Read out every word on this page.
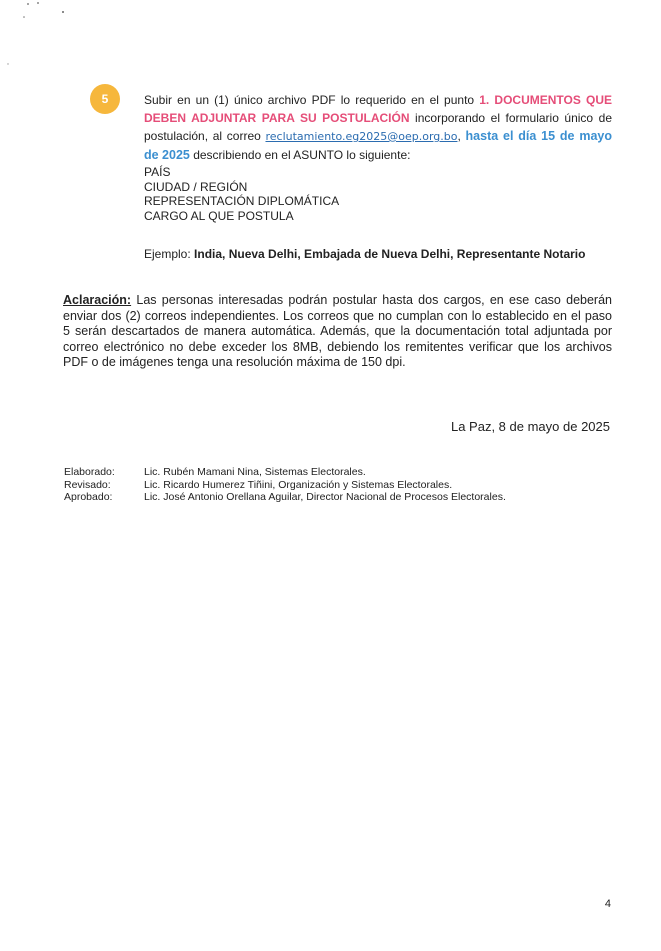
5	Subir en un (1) único archivo PDF lo requerido en el punto 1. DOCUMENTOS QUE DEBEN ADJUNTAR PARA SU POSTULACIÓN incorporando el formulario único de postulación, al correo reclutamiento.eg2025@oep.org.bo, hasta el día 15 de mayo de 2025 describiendo en el ASUNTO lo siguiente:
PAÍS
CIUDAD / REGIÓN
REPRESENTACIÓN DIPLOMÁTICA
CARGO AL QUE POSTULA
Ejemplo: India, Nueva Delhi, Embajada de Nueva Delhi, Representante Notario
Aclaración: Las personas interesadas podrán postular hasta dos cargos, en ese caso deberán enviar dos (2) correos independientes. Los correos que no cumplan con lo establecido en el paso 5 serán descartados de manera automática. Además, que la documentación total adjuntada por correo electrónico no debe exceder los 8MB, debiendo los remitentes verificar que los archivos PDF o de imágenes tenga una resolución máxima de 150 dpi.
La Paz, 8 de mayo de 2025
Elaborado:	Lic. Rubén Mamani Nina, Sistemas Electorales.
Revisado:	Lic. Ricardo Humerez Tiñini, Organización y Sistemas Electorales.
Aprobado:	Lic. José Antonio Orellana Aguilar, Director Nacional de Procesos Electorales.
4
